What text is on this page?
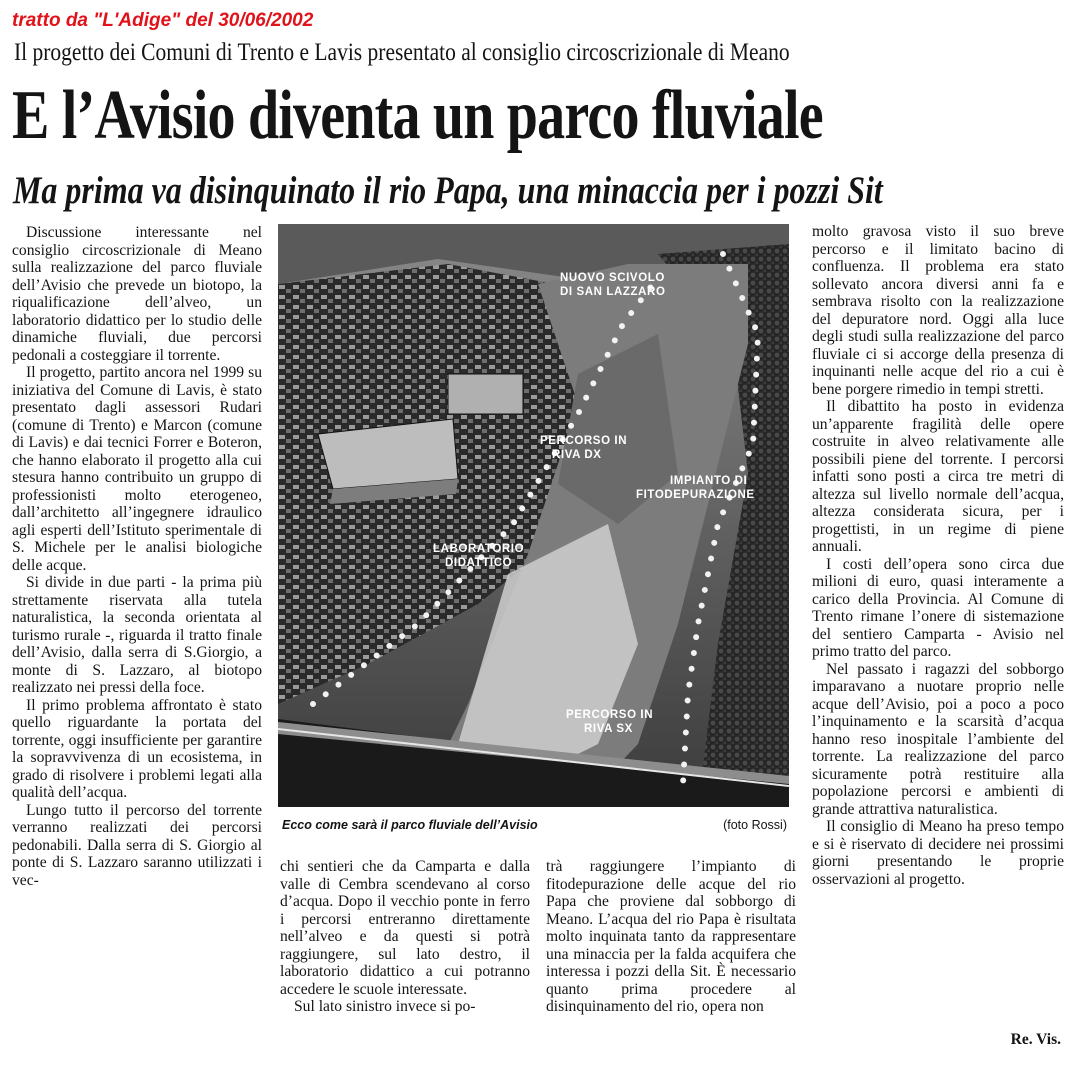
tratto da "L'Adige" del 30/06/2002
Il progetto dei Comuni di Trento e Lavis presentato al consiglio circoscrizionale di Meano
E l’Avisio diventa un parco fluviale
Ma prima va disinquinato il rio Papa, una minaccia per i pozzi Sit

Discussione interessante nel consiglio circoscrizionale di Meano sulla realizzazione del parco fluviale dell’Avisio che prevede un biotopo, la riqualificazione dell’alveo, un laboratorio didattico per lo studio delle dinamiche fluviali, due percorsi pedonali a costeggiare il torrente.

Il progetto, partito ancora nel 1999 su iniziativa del Comune di Lavis, è stato presentato dagli assessori Rudari (comune di Trento) e Marcon (comune di Lavis) e dai tecnici Forrer e Boteron, che hanno elaborato il progetto alla cui stesura hanno contribuito un gruppo di professionisti molto eterogeneo, dall’architetto all’ingegnere idraulico agli esperti dell’Istituto sperimentale di S. Michele per le analisi biologiche delle acque.

Si divide in due parti - la prima più strettamente riservata alla tutela naturalistica, la seconda orientata al turismo rurale -, riguarda il tratto finale dell’Avisio, dalla serra di S.Giorgio, a monte di S. Lazzaro, al biotopo realizzato nei pressi della foce.

Il primo problema affrontato è stato quello riguardante la portata del torrente, oggi insufficiente per garantire la sopravvivenza di un ecosistema, in grado di risolvere i problemi legati alla qualità dell’acqua.

Lungo tutto il percorso del torrente verranno realizzati dei percorsi pedonabili. Dalla serra di S. Giorgio al ponte di S. Lazzaro saranno utilizzati i vec-

NUOVO SCIVOLO
DI SAN LAZZARO
PERCORSO IN
RIVA DX
IMPIANTO DI
FITODEPURAZIONE
LABORATORIO
DIDATTICO
PERCORSO IN
RIVA SX
Ecco come sarà il parco fluviale dell’Avisio	(foto Rossi)

chi sentieri che da Camparta e dalla valle di Cembra scendevano al corso d’acqua. Dopo il vecchio ponte in ferro i percorsi entreranno direttamente nell’alveo e da questi si potrà raggiungere, sul lato destro, il laboratorio didattico a cui potranno accedere le scuole interessate.

Sul lato sinistro invece si po-

trà raggiungere l’impianto di fitodepurazione delle acque del rio Papa che proviene dal sobborgo di Meano. L’acqua del rio Papa è risultata molto inquinata tanto da rappresentare una minaccia per la falda acquifera che interessa i pozzi della Sit. È necessario quanto prima procedere al disinquinamento del rio, opera non

molto gravosa visto il suo breve percorso e il limitato bacino di confluenza. Il problema era stato sollevato ancora diversi anni fa e sembrava risolto con la realizzazione del depuratore nord. Oggi alla luce degli studi sulla realizzazione del parco fluviale ci si accorge della presenza di inquinanti nelle acque del rio a cui è bene porgere rimedio in tempi stretti.

Il dibattito ha posto in evidenza un’apparente fragilità delle opere costruite in alveo relativamente alle possibili piene del torrente. I percorsi infatti sono posti a circa tre metri di altezza sul livello normale dell’acqua, altezza considerata sicura, per i progettisti, in un regime di piene annuali.

I costi dell’opera sono circa due milioni di euro, quasi interamente a carico della Provincia. Al Comune di Trento rimane l’onere di sistemazione del sentiero Camparta - Avisio nel primo tratto del parco.

Nel passato i ragazzi del sobborgo imparavano a nuotare proprio nelle acque dell’Avisio, poi a poco a poco l’inquinamento e la scarsità d’acqua hanno reso inospitale l’ambiente del torrente. La realizzazione del parco sicuramente potrà restituire alla popolazione percorsi e ambienti di grande attrattiva naturalistica.

Il consiglio di Meano ha preso tempo e si è riservato di decidere nei prossimi giorni presentando le proprie osservazioni al progetto.

Re. Vis.
